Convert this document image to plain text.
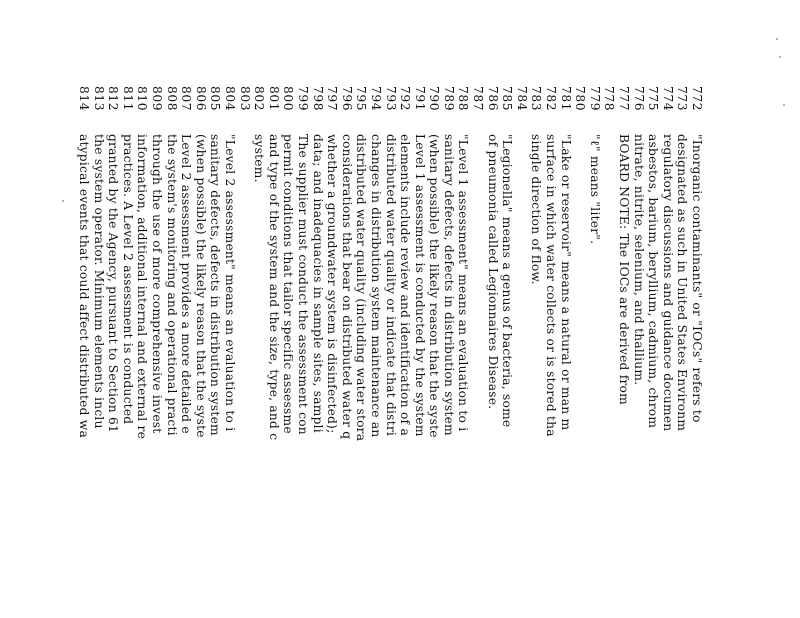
772
773
774
775
776
777
778
779
780
781
782
783
784
785
786
787
788
789
790
791
792
793
794
795
796
797
798
799
800
801
802
803
804
805
806
807
808
809
810
811
812
813
814
"Inorganic contaminants" or "IOCs" refers to
designated as such in United States Environm
regulatory discussions and guidance documen
asbestos, barium, beryllium, cadmium, chrom
nitrate, nitrite, selenium, and thallium.
BOARD NOTE: The IOCs are derived from
"ℓ" means "liter".
"Lake or reservoir" means a natural or man m
surface in which water collects or is stored tha
single direction of flow.
"Legionella" means a genus of bacteria, some
of pneumonia called Legionnaires Disease.
"Level 1 assessment" means an evaluation to i
sanitary defects, defects in distribution system
(when possible) the likely reason that the syste
Level 1 assessment is conducted by the system
elements include review and identification of a
distributed water quality or indicate that distri
changes in distribution system maintenance an
distributed water quality (including water stora
considerations that bear on distributed water q
whether a groundwater system is disinfected);
data; and inadequacies in sample sites, sampli
The supplier must conduct the assessment con
permit conditions that tailor specific assessme
and type of the system and the size, type, and c
system.
"Level 2 assessment" means an evaluation to i
sanitary defects, defects in distribution system
(when possible) the likely reason that the syste
Level 2 assessment provides a more detailed e
the system's monitoring and operational practi
through the use of more comprehensive invest
information, additional internal and external re
practices. A Level 2 assessment is conducted
granted by the Agency, pursuant to Section 61
the system operator. Minimum elements inclu
atypical events that could affect distributed wa
